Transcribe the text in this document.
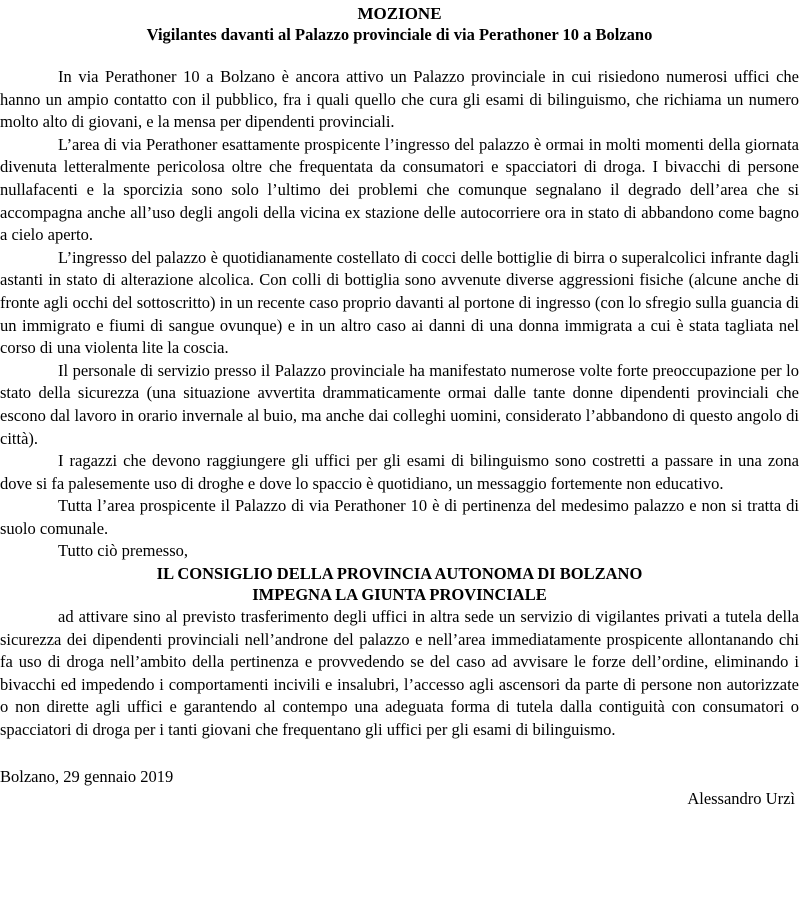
MOZIONE
Vigilantes davanti al Palazzo provinciale di via Perathoner 10 a Bolzano

In via Perathoner 10 a Bolzano è ancora attivo un Palazzo provinciale in cui risiedono numerosi uffici che hanno un ampio contatto con il pubblico, fra i quali quello che cura gli esami di bilinguismo, che richiama un numero molto alto di giovani, e la mensa per dipendenti provinciali.

L’area di via Perathoner esattamente prospicente l’ingresso del palazzo è ormai in molti momenti della giornata divenuta letteralmente pericolosa oltre che frequentata da consumatori e spacciatori di droga. I bivacchi di persone nullafacenti e la sporcizia sono solo l’ultimo dei problemi che comunque segnalano il degrado dell’area che si accompagna anche all’uso degli angoli della vicina ex stazione delle autocorriere ora in stato di abbandono come bagno a cielo aperto.

L’ingresso del palazzo è quotidianamente costellato di cocci delle bottiglie di birra o superalcolici infrante dagli astanti in stato di alterazione alcolica. Con colli di bottiglia sono avvenute diverse aggressioni fisiche (alcune anche di fronte agli occhi del sottoscritto) in un recente caso proprio davanti al portone di ingresso (con lo sfregio sulla guancia di un immigrato e fiumi di sangue ovunque) e in un altro caso ai danni di una donna immigrata a cui è stata tagliata nel corso di una violenta lite la coscia.

Il personale di servizio presso il Palazzo provinciale ha manifestato numerose volte forte preoccupazione per lo stato della sicurezza (una situazione avvertita drammaticamente ormai dalle tante donne dipendenti provinciali che escono dal lavoro in orario invernale al buio, ma anche dai colleghi uomini, considerato l’abbandono di questo angolo di città).

I ragazzi che devono raggiungere gli uffici per gli esami di bilinguismo sono costretti a passare in una zona dove si fa palesemente uso di droghe e dove lo spaccio è quotidiano, un messaggio fortemente non educativo.

Tutta l’area prospicente il Palazzo di via Perathoner 10 è di pertinenza del medesimo palazzo e non si tratta di suolo comunale.

Tutto ciò premesso,

IL CONSIGLIO DELLA PROVINCIA AUTONOMA DI BOLZANO
IMPEGNA LA GIUNTA PROVINCIALE

ad attivare sino al previsto trasferimento degli uffici in altra sede un servizio di vigilantes privati a tutela della sicurezza dei dipendenti provinciali nell’androne del palazzo e nell’area immediatamente prospicente allontanando chi fa uso di droga nell’ambito della pertinenza e provvedendo se del caso ad avvisare le forze dell’ordine, eliminando i bivacchi ed impedendo i comportamenti incivili e insalubri, l’accesso agli ascensori da parte di persone non autorizzate o non dirette agli uffici e garantendo al contempo una adeguata forma di tutela dalla contiguità con consumatori o spacciatori di droga per i tanti giovani che frequentano gli uffici per gli esami di bilinguismo.

Bolzano, 29 gennaio 2019
Alessandro Urzì
